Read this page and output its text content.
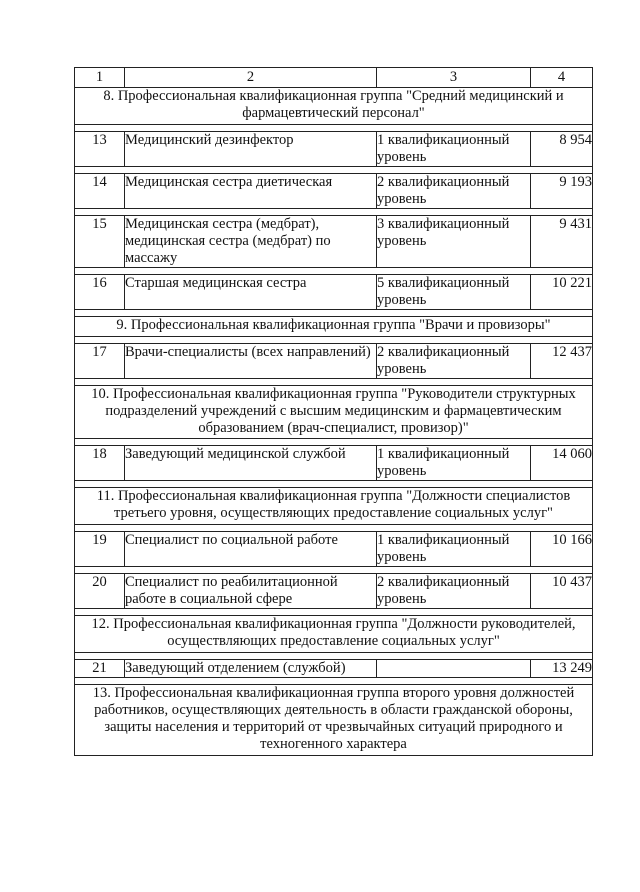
1	2	3	4
8. Профессиональная квалификационная группа "Средний медицинский и фармацевтический персонал"			

13	Медицинский дезинфектор	1 квалификационный уровень	8 954

14	Медицинская сестра диетическая	2 квалификационный уровень	9 193

15	Медицинская сестра (медбрат), медицинская сестра (медбрат) по массажу	3 квалификационный уровень	9 431

16	Старшая медицинская сестра	5 квалификационный уровень	10 221

9. Профессиональная квалификационная группа "Врачи и провизоры"			

17	Врачи-специалисты (всех направлений)	2 квалификационный уровень	12 437

10. Профессиональная квалификационная группа "Руководители структурных подразделений учреждений с высшим медицинским и фармацевтическим образованием (врач-специалист, провизор)"			

18	Заведующий медицинской службой	1 квалификационный уровень	14 060

11. Профессиональная квалификационная группа "Должности специалистов третьего уровня, осуществляющих предоставление социальных услуг"			

19	Специалист по социальной работе	1 квалификационный уровень	10 166

20	Специалист по реабилитационной работе в социальной сфере	2 квалификационный уровень	10 437

12. Профессиональная квалификационная группа "Должности руководителей, осуществляющих предоставление социальных услуг"			

21	Заведующий отделением (службой)		13 249

13. Профессиональная квалификационная группа второго уровня должностей работников, осуществляющих деятельность в области гражданской обороны, защиты населения и территорий от чрезвычайных ситуаций природного и техногенного характера			
